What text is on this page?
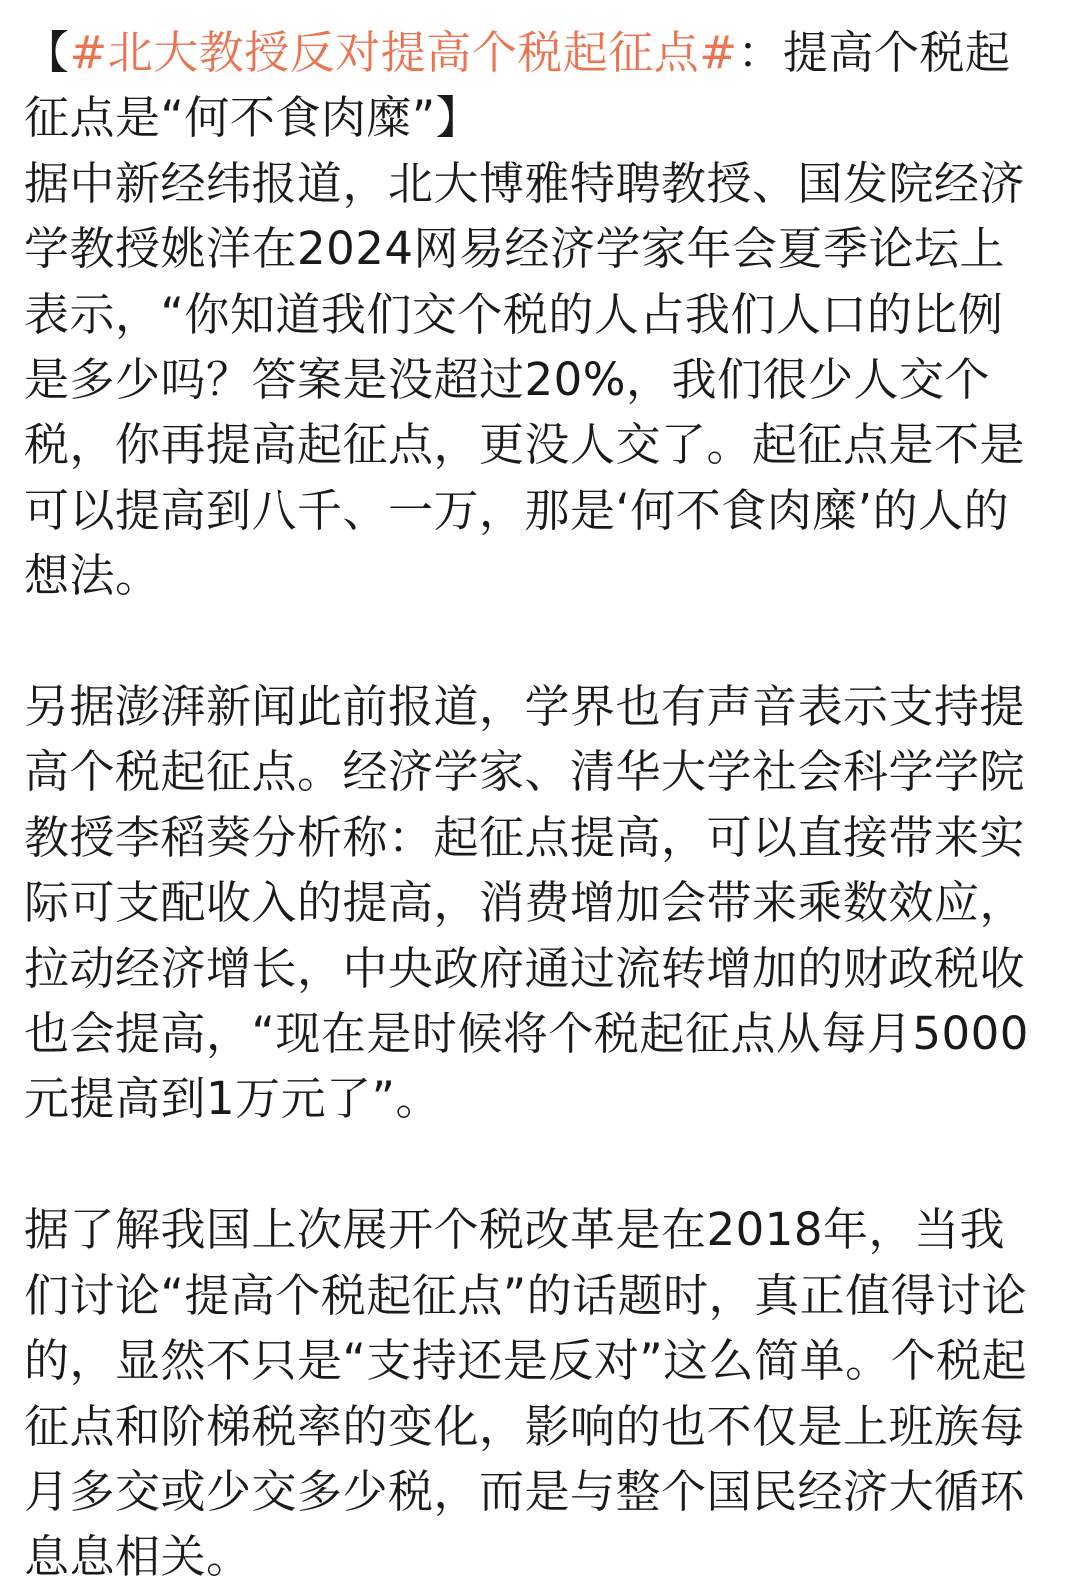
【#北大教授反对提高个税起征点#：提高个税起征点是“何不食肉糜”】

据中新经纬报道，北大博雅特聘教授、国发院经济学教授姚洋在2024网易经济学家年会夏季论坛上表示，“你知道我们交个税的人占我们人口的比例是多少吗？答案是没超过20%，我们很少人交个税，你再提高起征点，更没人交了。起征点是不是可以提高到八千、一万，那是‘何不食肉糜’的人的想法。

另据澎湃新闻此前报道，学界也有声音表示支持提高个税起征点。经济学家、清华大学社会科学学院教授李稻葵分析称：起征点提高，可以直接带来实际可支配收入的提高，消费增加会带来乘数效应，拉动经济增长，中央政府通过流转增加的财政税收也会提高，“现在是时候将个税起征点从每月5000元提高到1万元了”。

据了解我国上次展开个税改革是在2018年，当我们讨论“提高个税起征点”的话题时，真正值得讨论的，显然不只是“支持还是反对”这么简单。个税起征点和阶梯税率的变化，影响的也不仅是上班族每月多交或少交多少税，而是与整个国民经济大循环息息相关。
